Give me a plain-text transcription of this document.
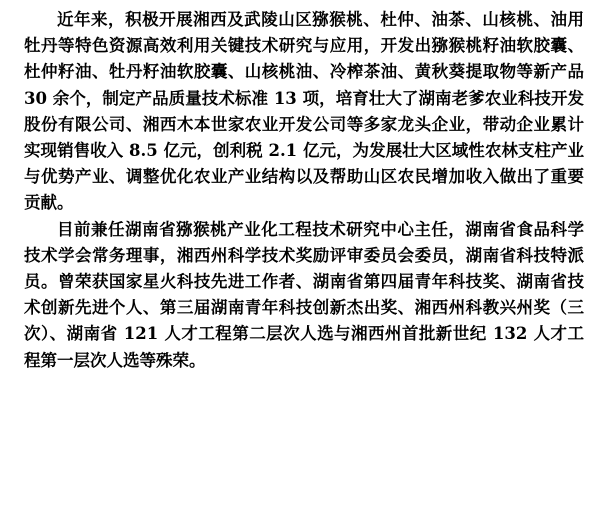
近年来，积极开展湘西及武陵山区猕猴桃、杜仲、油茶、山核桃、油用牡丹等特色资源高效利用关键技术研究与应用，开发出猕猴桃籽油软胶囊、杜仲籽油、牡丹籽油软胶囊、山核桃油、冷榨茶油、黄秋葵提取物等新产品 30 余个，制定产品质量技术标准 13 项，培育壮大了湖南老爹农业科技开发股份有限公司、湘西木本世家农业开发公司等多家龙头企业，带动企业累计实现销售收入 8.5 亿元，创利税 2.1 亿元，为发展壮大区域性农林支柱产业与优势产业、调整优化农业产业结构以及帮助山区农民增加收入做出了重要贡献。

目前兼任湖南省猕猴桃产业化工程技术研究中心主任，湖南省食品科学技术学会常务理事，湘西州科学技术奖励评审委员会委员，湖南省科技特派员。曾荣获国家星火科技先进工作者、湖南省第四届青年科技奖、湖南省技术创新先进个人、第三届湖南青年科技创新杰出奖、湘西州科教兴州奖（三次）、湖南省 121 人才工程第二层次人选与湘西州首批新世纪 132 人才工程第一层次人选等殊荣。
